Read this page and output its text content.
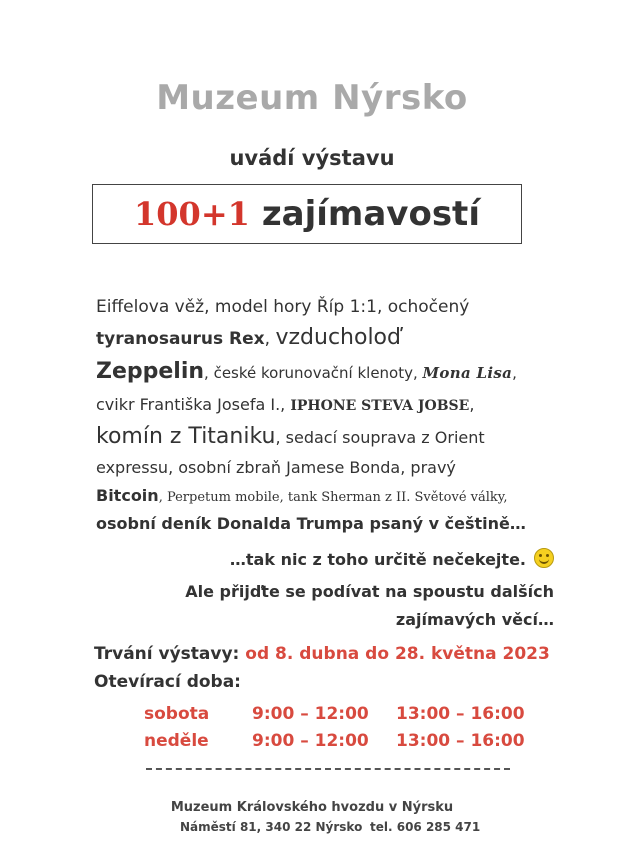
Muzeum Nýrsko
uvádí výstavu
100+1 zajímavostí
Eiffelova věž, model hory Říp 1:1, ochočený
tyranosaurus Rex, vzducholoď
Zeppelin, české korunovační klenoty, Mona Lisa,
cvikr Františka Josefa I., IPHONE STEVA JOBSE,
komín z Titaniku, sedací souprava z Orient
expressu, osobní zbraň Jamese Bonda, pravý
Bitcoin, Perpetum mobile, tank Sherman z II. Světové války,
osobní deník Donalda Trumpa psaný v češtině…
…tak nic z toho určitě nečekejte.
Ale přijďte se podívat na spoustu dalších
zajímavých věcí…
Trvání výstavy: od 8. dubna do 28. května 2023
Otevírací doba:
sobota	9:00 – 12:00 13:00 – 16:00
neděle	9:00 – 12:00 13:00 – 16:00
Muzeum Královského hvozdu v Nýrsku
Náměstí 81, 340 22 Nýrsko tel. 606 285 471
